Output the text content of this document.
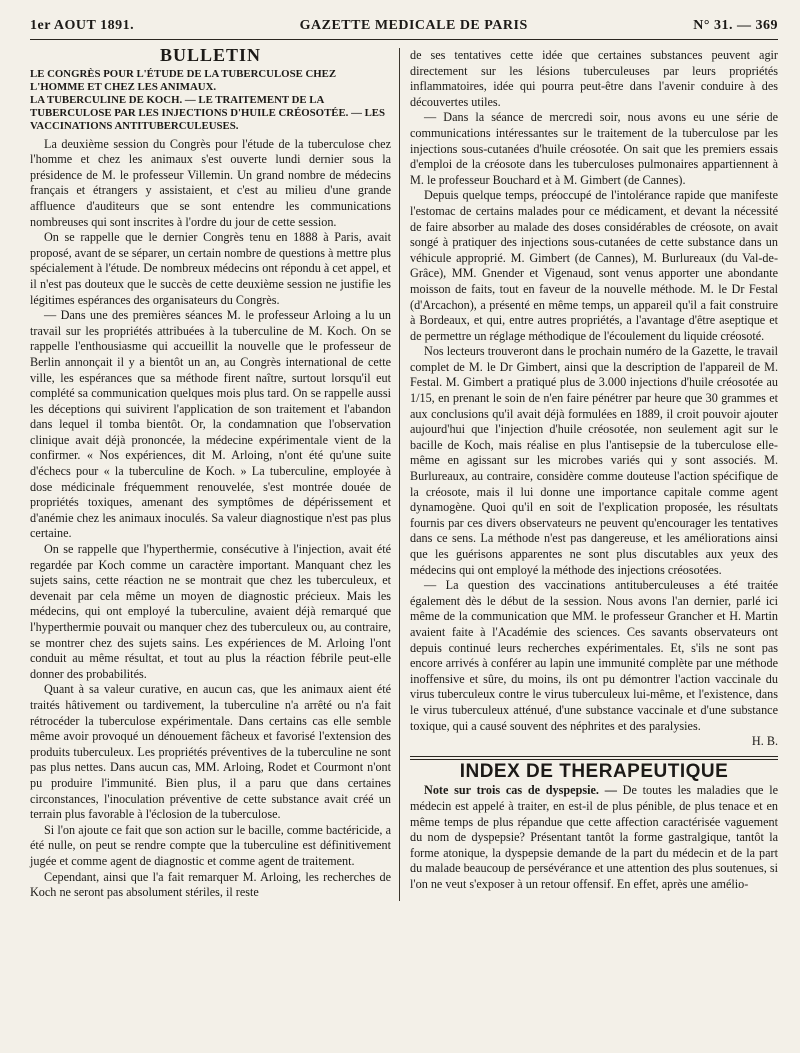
1er AOUT 1891.	GAZETTE MEDICALE DE PARIS	N° 31. — 369
BULLETIN
LE CONGRÈS POUR L'ÉTUDE DE LA TUBERCULOSE CHEZ L'HOMME ET CHEZ LES ANIMAUX.
LA TUBERCULINE DE KOCH. — LE TRAITEMENT DE LA TUBERCULOSE PAR LES INJECTIONS D'HUILE CRÉOSOTÉE. — LES VACCINATIONS ANTITUBERCULEUSES.

La deuxième session du Congrès pour l'étude de la tuberculose chez l'homme et chez les animaux s'est ouverte lundi dernier sous la présidence de M. le professeur Villemin. Un grand nombre de médecins français et étrangers y assistaient, et c'est au milieu d'une grande affluence d'auditeurs que se sont entendre les communications nombreuses qui sont inscrites à l'ordre du jour de cette session.

On se rappelle que le dernier Congrès tenu en 1888 à Paris, avait proposé, avant de se séparer, un certain nombre de questions à mettre plus spécialement à l'étude. De nombreux médecins ont répondu à cet appel, et il n'est pas douteux que le succès de cette deuxième session ne justifie les légitimes espérances des organisateurs du Congrès.

— Dans une des premières séances M. le professeur Arloing a lu un travail sur les propriétés attribuées à la tuberculine de M. Koch. On se rappelle l'enthousiasme qui accueillit la nouvelle que le professeur de Berlin annonçait il y a bientôt un an, au Congrès international de cette ville, les espérances que sa méthode firent naître, surtout lorsqu'il eut complété sa communication quelques mois plus tard. On se rappelle aussi les déceptions qui suivirent l'application de son traitement et l'abandon dans lequel il tomba bientôt. Or, la condamnation que l'observation clinique avait déjà prononcée, la médecine expérimentale vient de la confirmer. « Nos expériences, dit M. Arloing, n'ont été qu'une suite d'échecs pour « la tuberculine de Koch. » La tuberculine, employée à dose médicinale fréquemment renouvelée, s'est montrée douée de propriétés toxiques, amenant des symptômes de dépérissement et d'anémie chez les animaux inoculés. Sa valeur diagnostique n'est pas plus certaine.

On se rappelle que l'hyperthermie, consécutive à l'injection, avait été regardée par Koch comme un caractère important. Manquant chez les sujets sains, cette réaction ne se montrait que chez les tuberculeux, et devenait par cela même un moyen de diagnostic précieux. Mais les médecins, qui ont employé la tuberculine, avaient déjà remarqué que l'hyperthermie pouvait ou manquer chez des tuberculeux ou, au contraire, se montrer chez des sujets sains. Les expériences de M. Arloing l'ont conduit au même résultat, et tout au plus la réaction fébrile peut-elle donner des probabilités.

Quant à sa valeur curative, en aucun cas, que les animaux aient été traités hâtivement ou tardivement, la tuberculine n'a arrêté ou n'a fait rétrocéder la tuberculose expérimentale. Dans certains cas elle semble même avoir provoqué un dénouement fâcheux et favorisé l'extension des produits tuberculeux. Les propriétés préventives de la tuberculine ne sont pas plus nettes. Dans aucun cas, MM. Arloing, Rodet et Courmont n'ont pu produire l'immunité. Bien plus, il a paru que dans certaines circonstances, l'inoculation préventive de cette substance avait créé un terrain plus favorable à l'éclosion de la tuberculose.

Si l'on ajoute ce fait que son action sur le bacille, comme bactéricide, a été nulle, on peut se rendre compte que la tuberculine est définitivement jugée et comme agent de diagnostic et comme agent de traitement.

Cependant, ainsi que l'a fait remarquer M. Arloing, les recherches de Koch ne seront pas absolument stériles, il reste

de ses tentatives cette idée que certaines substances peuvent agir directement sur les lésions tuberculeuses par leurs propriétés inflammatoires, idée qui pourra peut-être dans l'avenir conduire à des découvertes utiles.

— Dans la séance de mercredi soir, nous avons eu une série de communications intéressantes sur le traitement de la tuberculose par les injections sous-cutanées d'huile créosotée. On sait que les premiers essais d'emploi de la créosote dans les tuberculoses pulmonaires appartiennent à M. le professeur Bouchard et à M. Gimbert (de Cannes).

Depuis quelque temps, préoccupé de l'intolérance rapide que manifeste l'estomac de certains malades pour ce médicament, et devant la nécessité de faire absorber au malade des doses considérables de créosote, on avait songé à pratiquer des injections sous-cutanées de cette substance dans un véhicule approprié. M. Gimbert (de Cannes), M. Burlureaux (du Val-de-Grâce), MM. Gnender et Vigenaud, sont venus apporter une abondante moisson de faits, tout en faveur de la nouvelle méthode. M. le Dr Festal (d'Arcachon), a présenté en même temps, un appareil qu'il a fait construire à Bordeaux, et qui, entre autres propriétés, a l'avantage d'être aseptique et de permettre un réglage méthodique de l'écoulement du liquide créosoté.

Nos lecteurs trouveront dans le prochain numéro de la Gazette, le travail complet de M. le Dr Gimbert, ainsi que la description de l'appareil de M. Festal. M. Gimbert a pratiqué plus de 3.000 injections d'huile créosotée au 1/15, en prenant le soin de n'en faire pénétrer par heure que 30 grammes et aux conclusions qu'il avait déjà formulées en 1889, il croit pouvoir ajouter aujourd'hui que l'injection d'huile créosotée, non seulement agit sur le bacille de Koch, mais réalise en plus l'antisepsie de la tuberculose elle-même en agissant sur les microbes variés qui y sont associés. M. Burlureaux, au contraire, considère comme douteuse l'action spécifique de la créosote, mais il lui donne une importance capitale comme agent dynamogène. Quoi qu'il en soit de l'explication proposée, les résultats fournis par ces divers observateurs ne peuvent qu'encourager les tentatives dans ce sens. La méthode n'est pas dangereuse, et les améliorations ainsi que les guérisons apparentes ne sont plus discutables aux yeux des médecins qui ont employé la méthode des injections créosotées.

— La question des vaccinations antituberculeuses a été traitée également dès le début de la session. Nous avons l'an dernier, parlé ici même de la communication que MM. le professeur Grancher et H. Martin avaient faite à l'Académie des sciences. Ces savants observateurs ont depuis continué leurs recherches expérimentales. Et, s'ils ne sont pas encore arrivés à conférer au lapin une immunité complète par une méthode inoffensive et sûre, du moins, ils ont pu démontrer l'action vaccinale du virus tuberculeux contre le virus tuberculeux lui-même, et l'existence, dans le virus tuberculeux atténué, d'une substance vaccinale et d'une substance toxique, qui a causé souvent des néphrites et des paralysies.

H. B.
INDEX DE THERAPEUTIQUE

Note sur trois cas de dyspepsie. — De toutes les maladies que le médecin est appelé à traiter, en est-il de plus pénible, de plus tenace et en même temps de plus répandue que cette affection caractérisée vaguement du nom de dyspepsie? Présentant tantôt la forme gastralgique, tantôt la forme atonique, la dyspepsie demande de la part du médecin et de la part du malade beaucoup de persévérance et une attention des plus soutenues, si l'on ne veut s'exposer à un retour offensif. En effet, après une amélio-
